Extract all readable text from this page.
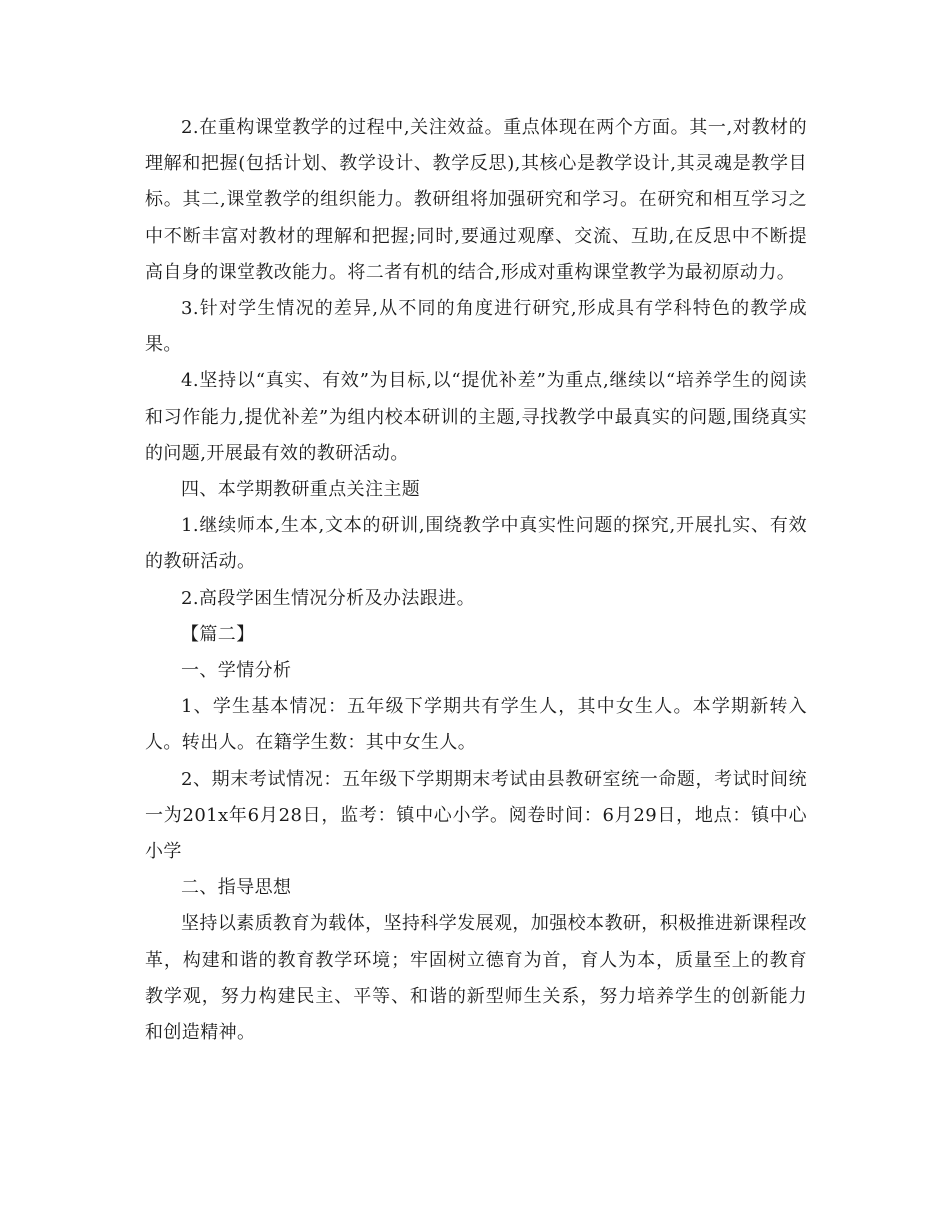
2.在重构课堂教学的过程中,关注效益。重点体现在两个方面。其一,对教材的理解和把握(包括计划、教学设计、教学反思),其核心是教学设计,其灵魂是教学目标。其二,课堂教学的组织能力。教研组将加强研究和学习。在研究和相互学习之中不断丰富对教材的理解和把握;同时,要通过观摩、交流、互助,在反思中不断提高自身的课堂教改能力。将二者有机的结合,形成对重构课堂教学为最初原动力。

3.针对学生情况的差异,从不同的角度进行研究,形成具有学科特色的教学成果。

4.坚持以“真实、有效”为目标,以“提优补差”为重点,继续以“培养学生的阅读和习作能力,提优补差”为组内校本研训的主题,寻找教学中最真实的问题,围绕真实的问题,开展最有效的教研活动。

四、本学期教研重点关注主题

1.继续师本,生本,文本的研训,围绕教学中真实性问题的探究,开展扎实、有效的教研活动。

2.高段学困生情况分析及办法跟进。

【篇二】

一、学情分析

1、学生基本情况：五年级下学期共有学生人，其中女生人。本学期新转入人。转出人。在籍学生数：其中女生人。

2、期末考试情况：五年级下学期期末考试由县教研室统一命题，考试时间统一为201x年6月28日，监考：镇中心小学。阅卷时间：6月29日，地点：镇中心小学

二、指导思想

坚持以素质教育为载体，坚持科学发展观，加强校本教研，积极推进新课程改革，构建和谐的教育教学环境；牢固树立德育为首，育人为本，质量至上的教育教学观，努力构建民主、平等、和谐的新型师生关系，努力培养学生的创新能力和创造精神。
